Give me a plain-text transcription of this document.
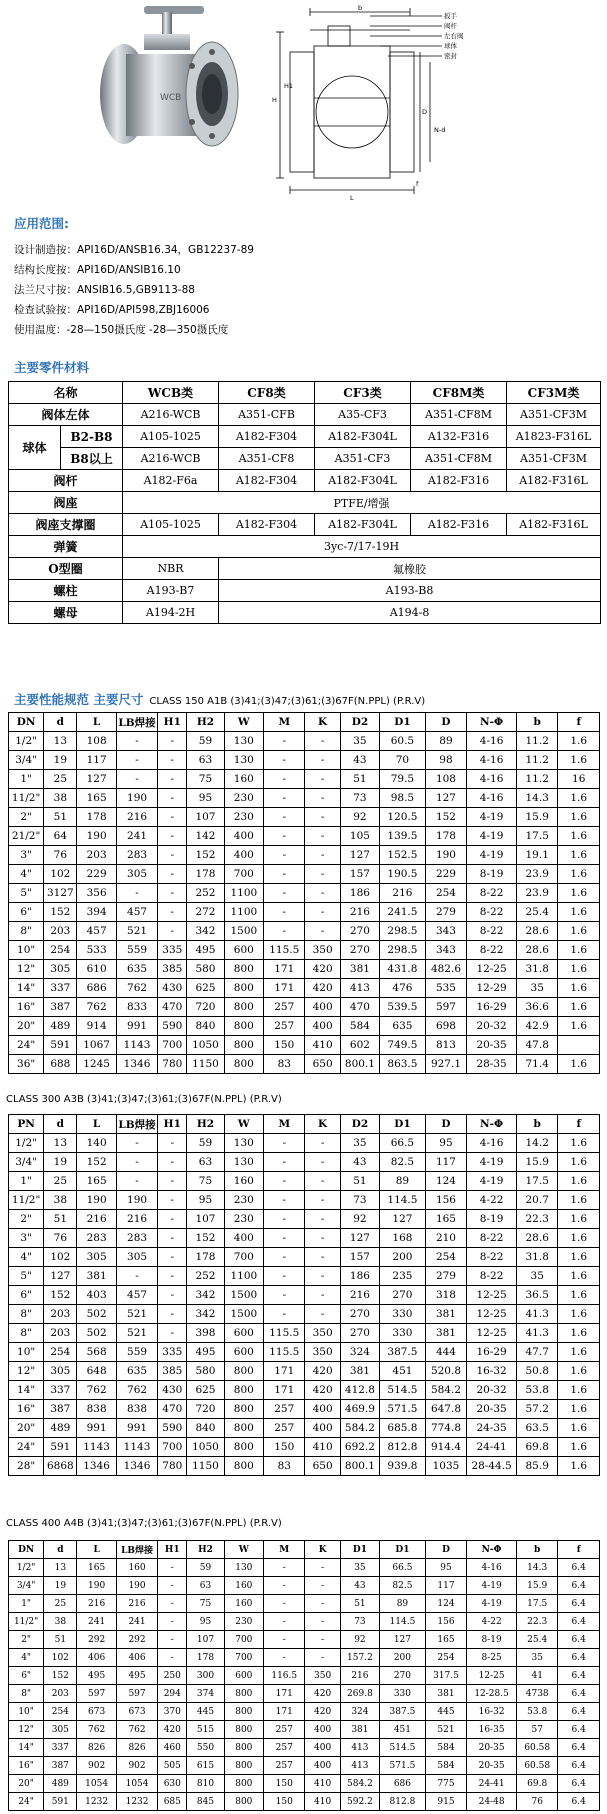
WCB
扳手
阀杆
左右阀
球体
密封
b
H
H1
D
L
N-d
f
应用范围:
设计制造按：API16D/ANSB16.34，GB12237-89
结构长度按：API16D/ANSIB16.10
法兰尺寸按：ANSIB16.5,GB9113-88
检查试验按：API16D/API598,ZBJ16006
使用温度：-28—150摄氏度 -28—350摄氏度
主要零件材料
名称		WCB类	CF8类	CF3类	CF8M类	CF3M类
阀体左体		A216-WCB	A351-CFB	A35-CF3	A351-CF8M	A351-CF3M
球体	B2-B8	A105-1025	A182-F304	A182-F304L	A132-F316	A1823-F316L
	B8以上	A216-WCB	A351-CF8	A351-CF3	A351-CF8M	A351-CF3M
阀杆		A182-F6a	A182-F304	A182-F304L	A182-F316	A182-F316L
阀座		PTFE/增强				
阀座支撑圈		A105-1025	A182-F304	A182-F304L	A182-F316	A182-F316L
弹簧		3yc-7/17-19H				
O型圈		NBR	氟橡胶			
螺柱		A193-B7	A193-B8			
螺母		A194-2H	A194-8			
主要性能规范 主要尺寸 CLASS 150 A1B (3)41;(3)47;(3)61;(3)67F(N.PPL) (P.R.V)
DN	d	L	LB焊接	H1	H2	W	M	K	D2	D1	D	N-Φ	b	f
1/2"	13	108	-	-	59	130	-	-	35	60.5	89	4-16	11.2	1.6
3/4"	19	117	-	-	63	130	-	-	43	70	98	4-16	11.2	1.6
1"	25	127	-	-	75	160	-	-	51	79.5	108	4-16	11.2	16
11/2"	38	165	190	-	95	230	-	-	73	98.5	127	4-16	14.3	1.6
2"	51	178	216	-	107	230	-	-	92	120.5	152	4-19	15.9	1.6
21/2"	64	190	241	-	142	400	-	-	105	139.5	178	4-19	17.5	1.6
3"	76	203	283	-	152	400	-	-	127	152.5	190	4-19	19.1	1.6
4"	102	229	305	-	178	700	-	-	157	190.5	229	8-19	23.9	1.6
5"	3127	356	-	-	252	1100	-	-	186	216	254	8-22	23.9	1.6
6"	152	394	457	-	272	1100	-	-	216	241.5	279	8-22	25.4	1.6
8"	203	457	521	-	342	1500	-	-	270	298.5	343	8-22	28.6	1.6
10"	254	533	559	335	495	600	115.5	350	270	298.5	343	8-22	28.6	1.6
12"	305	610	635	385	580	800	171	420	381	431.8	482.6	12-25	31.8	1.6
14"	337	686	762	430	625	800	171	420	413	476	535	12-29	35	1.6
16"	387	762	833	470	720	800	257	400	470	539.5	597	16-29	36.6	1.6
20"	489	914	991	590	840	800	257	400	584	635	698	20-32	42.9	1.6
24"	591	1067	1143	700	1050	800	150	410	602	749.5	813	20-35	47.8	
36"	688	1245	1346	780	1150	800	83	650	800.1	863.5	927.1	28-35	71.4	1.6
CLASS 300 A3B (3)41;(3)47;(3)61;(3)67F(N.PPL) (P.R.V)
PN	d	L	LB焊接	H1	H2	W	M	K	D2	D1	D	N-Φ	b	f
1/2"	13	140	-	-	59	130	-	-	35	66.5	95	4-16	14.2	1.6
3/4"	19	152	-	-	63	130	-	-	43	82.5	117	4-19	15.9	1.6
1"	25	165	-	-	75	160	-	-	51	89	124	4-19	17.5	1.6
11/2"	38	190	190	-	95	230	-	-	73	114.5	156	4-22	20.7	1.6
2"	51	216	216	-	107	230	-	-	92	127	165	8-19	22.3	1.6
3"	76	283	283	-	152	400	-	-	127	168	210	8-22	28.6	1.6
4"	102	305	305	-	178	700	-	-	157	200	254	8-22	31.8	1.6
5"	127	381	-	-	252	1100	-	-	186	235	279	8-22	35	1.6
6"	152	403	457	-	342	1500	-	-	216	270	318	12-25	36.5	1.6
8"	203	502	521	-	342	1500	-	-	270	330	381	12-25	41.3	1.6
8"	203	502	521	-	398	600	115.5	350	270	330	381	12-25	41.3	1.6
10"	254	568	559	335	495	600	115.5	350	324	387.5	444	16-29	47.7	1.6
12"	305	648	635	385	580	800	171	420	381	451	520.8	16-32	50.8	1.6
14"	337	762	762	430	625	800	171	420	412.8	514.5	584.2	20-32	53.8	1.6
16"	387	838	838	470	720	800	257	400	469.9	571.5	647.8	20-35	57.2	1.6
20"	489	991	991	590	840	800	257	400	584.2	685.8	774.8	24-35	63.5	1.6
24"	591	1143	1143	700	1050	800	150	410	692.2	812.8	914.4	24-41	69.8	1.6
28"	6868	1346	1346	780	1150	800	83	650	800.1	939.8	1035	28-44.5	85.9	1.6
CLASS 400 A4B (3)41;(3)47;(3)61;(3)67F(N.PPL) (P.R.V)
DN	d	L	LB焊接	H1	H2	W	M	K	D1	D1	D	N-Φ	b	f
1/2"	13	165	160	-	59	130	-	-	35	66.5	95	4-16	14.3	6.4
3/4"	19	190	190	-	63	160	-	-	43	82.5	117	4-19	15.9	6.4
1"	25	216	216	-	75	160	-	-	51	89	124	4-19	17.5	6.4
11/2"	38	241	241	-	95	230	-	-	73	114.5	156	4-22	22.3	6.4
2"	51	292	292	-	107	700	-	-	92	127	165	8-19	25.4	6.4
4"	102	406	406	-	178	700	-	-	157.2	200	254	8-25	35	6.4
6"	152	495	495	250	300	600	116.5	350	216	270	317.5	12-25	41	6.4
8"	203	597	597	294	374	800	171	420	269.8	330	381	12-28.5	4738	6.4
10"	254	673	673	370	445	800	171	420	324	387.5	445	16-32	53.8	6.4
12"	305	762	762	420	515	800	257	400	381	451	521	16-35	57	6.4
14"	337	826	826	460	550	800	257	400	413	514.5	584	20-35	60.58	6.4
16"	387	902	902	505	615	800	257	400	413	571.5	584	20-35	60.58	6.4
20"	489	1054	1054	630	810	800	150	410	584.2	686	775	24-41	69.8	6.4
24"	591	1232	1232	685	845	800	150	410	592.2	812.8	915	24-48	76	6.4
